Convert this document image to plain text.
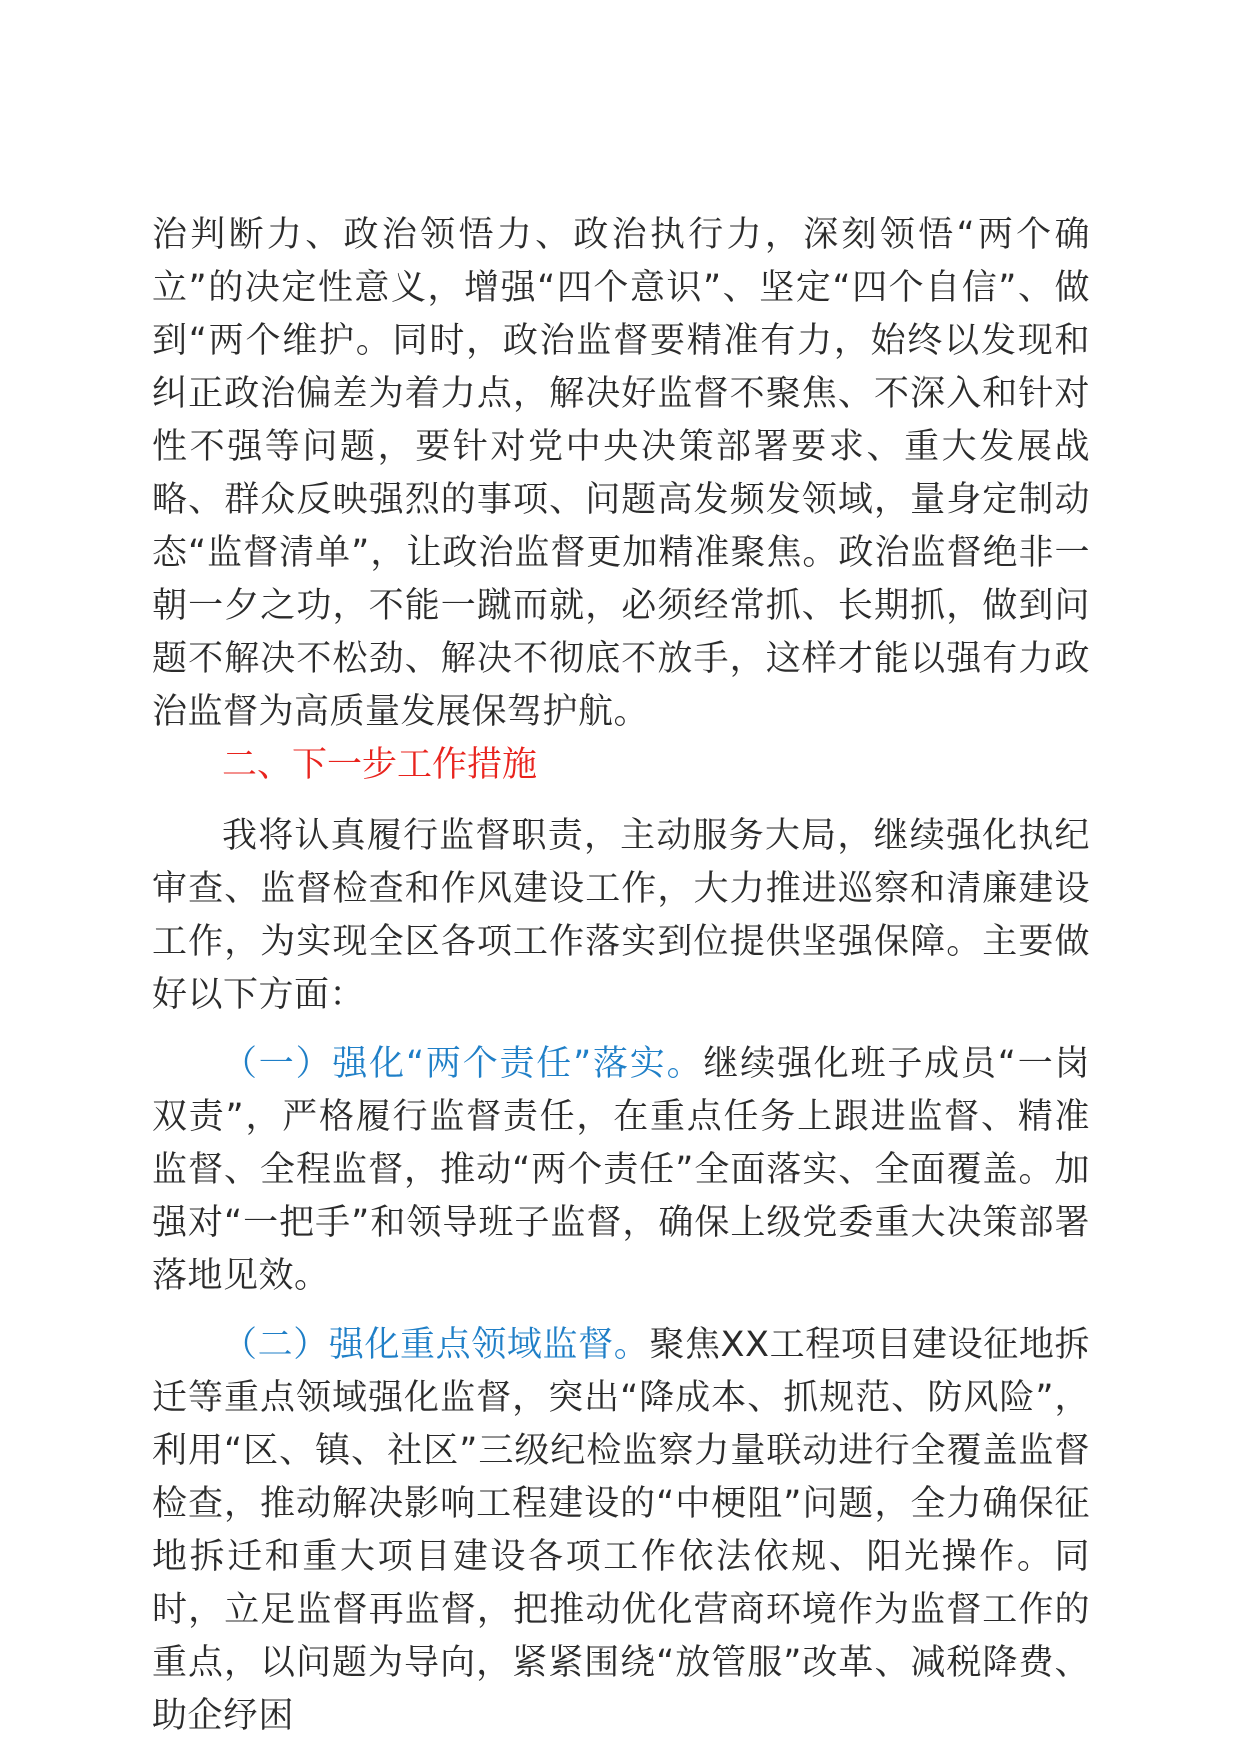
治判断力、政治领悟力、政治执行力，深刻领悟“两个确立”的决定性意义，增强“四个意识”、坚定“四个自信”、做到“两个维护。同时，政治监督要精准有力，始终以发现和纠正政治偏差为着力点，解决好监督不聚焦、不深入和针对性不强等问题，要针对党中央决策部署要求、重大发展战略、群众反映强烈的事项、问题高发频发领域，量身定制动态“监督清单”，让政治监督更加精准聚焦。政治监督绝非一朝一夕之功，不能一蹴而就，必须经常抓、长期抓，做到问题不解决不松劲、解决不彻底不放手，这样才能以强有力政治监督为高质量发展保驾护航。

二、下一步工作措施

我将认真履行监督职责，主动服务大局，继续强化执纪审查、监督检查和作风建设工作，大力推进巡察和清廉建设工作，为实现全区各项工作落实到位提供坚强保障。主要做好以下方面：

（一）强化“两个责任”落实。继续强化班子成员“一岗双责”，严格履行监督责任，在重点任务上跟进监督、精准监督、全程监督，推动“两个责任”全面落实、全面覆盖。加强对“一把手”和领导班子监督，确保上级党委重大决策部署落地见效。

（二）强化重点领域监督。聚焦XX工程项目建设征地拆迁等重点领域强化监督，突出“降成本、抓规范、防风险”，利用“区、镇、社区”三级纪检监察力量联动进行全覆盖监督检查，推动解决影响工程建设的“中梗阻”问题，全力确保征地拆迁和重大项目建设各项工作依法依规、阳光操作。同时，立足监督再监督，把推动优化营商环境作为监督工作的重点，以问题为导向，紧紧围绕“放管服”改革、减税降费、助企纾困
